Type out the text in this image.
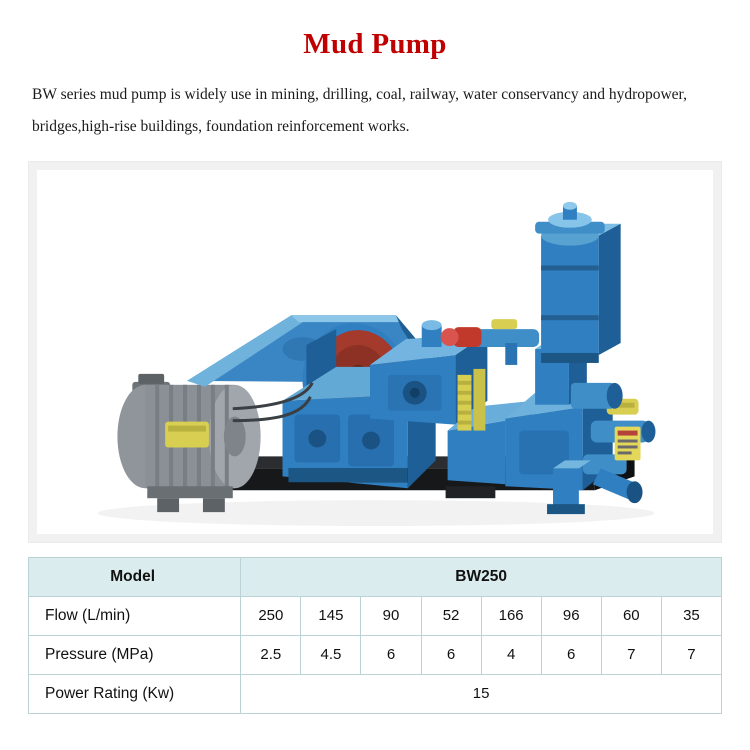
Mud Pump

BW series mud pump is widely use in mining, drilling, coal, railway, water conservancy and hydropower, bridges,high-rise buildings, foundation reinforcement works.

Model	BW250							
Flow (L/min)	250	145	90	52	166	96	60	35
Pressure (MPa)	2.5	4.5	6	6	4	6	7	7
Power Rating (Kw)	15							
